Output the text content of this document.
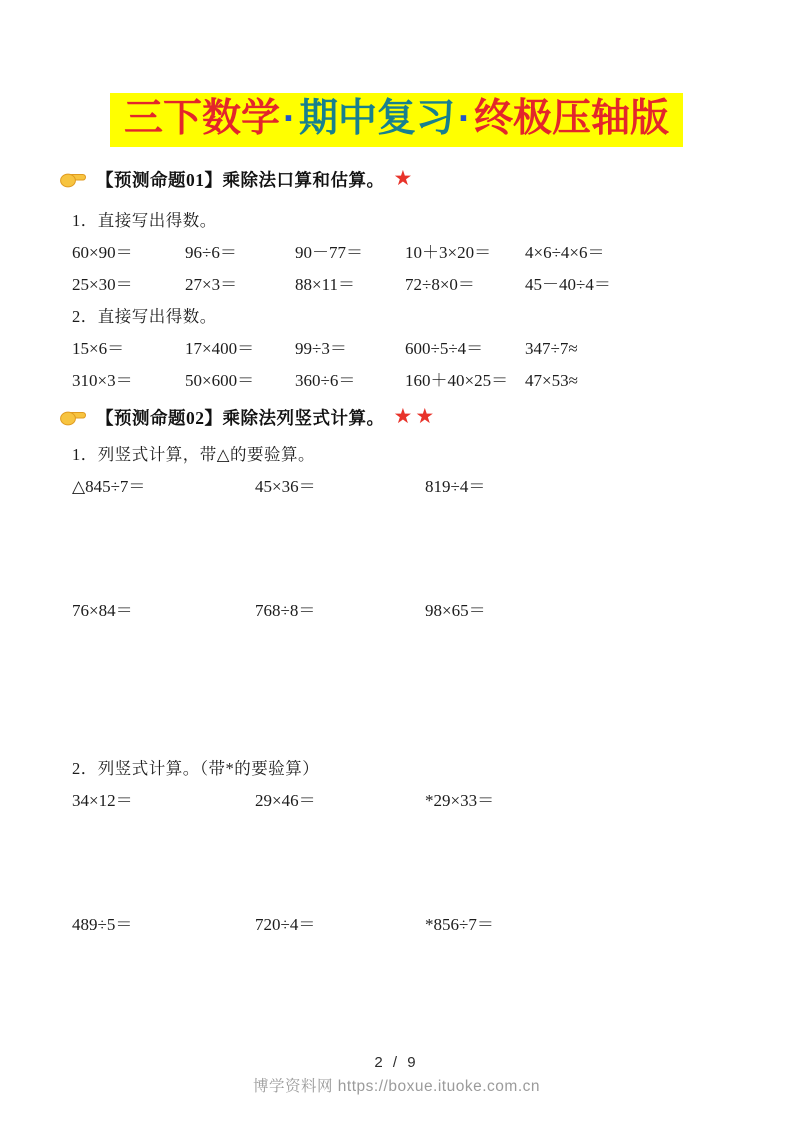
三下数学·期中复习·终极压轴版
【预测命题01】乘除法口算和估算。 ★
1．直接写出得数。
60×90＝	96÷6＝	90－77＝	10＋3×20＝	4×6÷4×6＝
25×30＝	27×3＝	88×11＝	72÷8×0＝	45－40÷4＝
2．直接写出得数。
15×6＝	17×400＝	99÷3＝	600÷5÷4＝	347÷7≈
310×3＝	50×600＝	360÷6＝	160＋40×25＝ 47×53≈
【预测命题02】乘除法列竖式计算。 ★★
1．列竖式计算，带△的要验算。
△845÷7＝	45×36＝	819÷4＝
76×84＝	768÷8＝	98×65＝
2．列竖式计算。（带*的要验算）
34×12＝	29×46＝	*29×33＝
489÷5＝	720÷4＝	*856÷7＝
2 / 9
博学资料网 https://boxue.ituoke.com.cn
